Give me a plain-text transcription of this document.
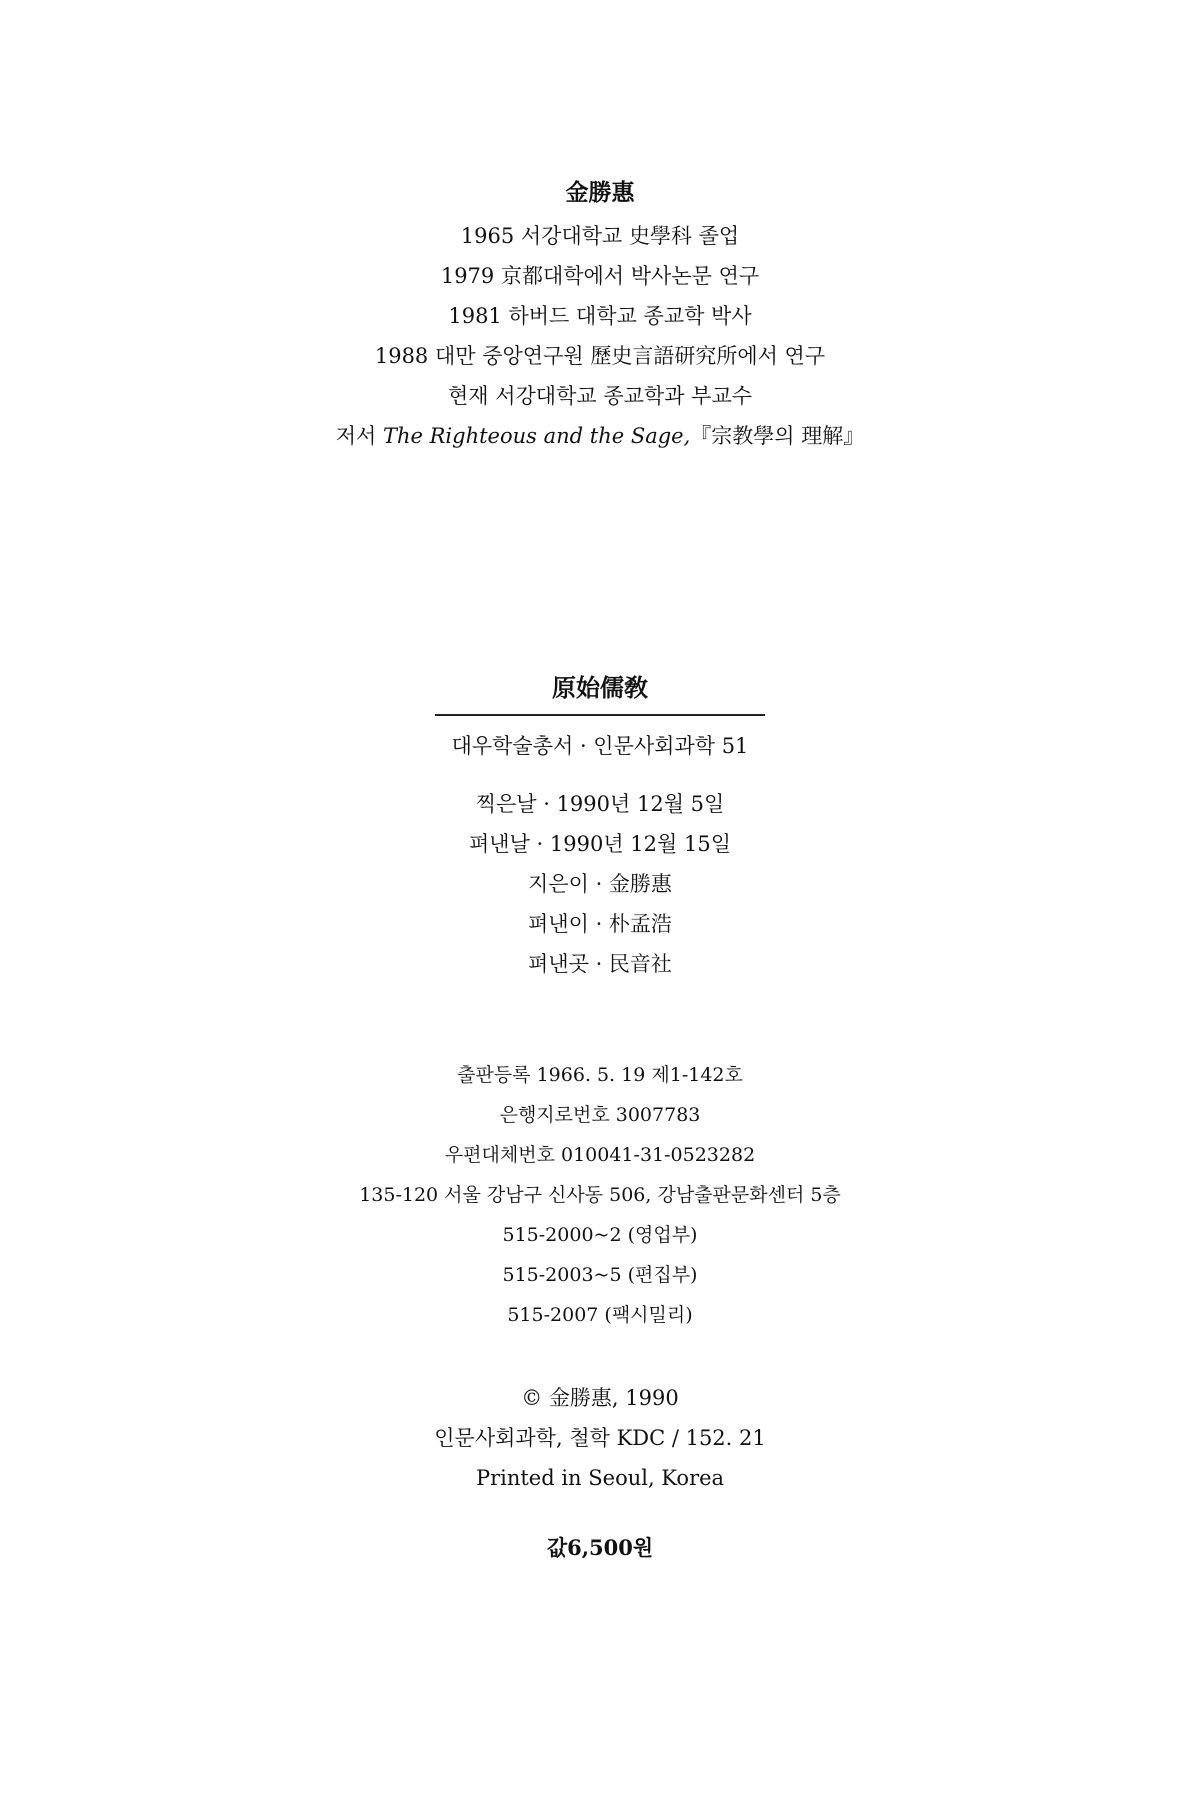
金勝惠
1965 서강대학교 史學科 졸업
1979 京都대학에서 박사논문 연구
1981 하버드 대학교 종교학 박사
1988 대만 중앙연구원 歷史言語研究所에서 연구
현재 서강대학교 종교학과 부교수
저서 The Righteous and the Sage,『宗教學의 理解』
原始儒敎
대우학술총서 · 인문사회과학 51
찍은날 · 1990년 12월 5일
펴낸날 · 1990년 12월 15일
지은이 · 金勝惠
펴낸이 · 朴孟浩
펴낸곳 · 民音社
출판등록 1966. 5. 19 제1-142호
은행지로번호 3007783
우편대체번호 010041-31-0523282
135-120 서울 강남구 신사동 506, 강남출판문화센터 5층
515-2000~2 (영업부)
515-2003~5 (편집부)
515-2007 (팩시밀리)
© 金勝惠, 1990
인문사회과학, 철학 KDC / 152. 21
Printed in Seoul, Korea
값6,500원
